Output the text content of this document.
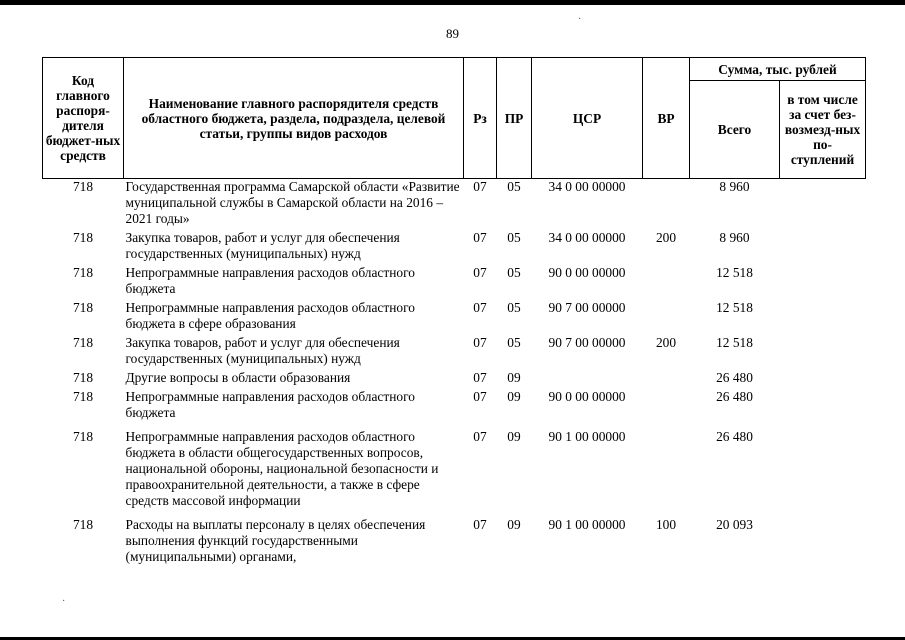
89
Код главного распоря-дителя бюджет-ных средств	Наименование главного распорядителя средств областного бюджета, раздела, подраздела, целевой статьи, группы видов расходов	Рз	ПР	ЦСР	ВР	Сумма, тыс. рублей	
						Всего	в том числе за счет без-возмезд-ных по-ступлений
718	Государственная программа Самарской области «Развитие муниципальной службы в Самарской области на 2016 – 2021 годы»	07	05	34 0 00 00000		8 960	
718	Закупка товаров, работ и услуг для обеспечения государственных (муниципальных) нужд	07	05	34 0 00 00000	200	8 960	
718	Непрограммные направления расходов областного бюджета	07	05	90 0 00 00000		12 518	
718	Непрограммные направления расходов областного бюджета в сфере образования	07	05	90 7 00 00000		12 518	
718	Закупка товаров, работ и услуг для обеспечения государственных (муниципальных) нужд	07	05	90 7 00 00000	200	12 518	
718	Другие вопросы в области образования	07	09			26 480	
718	Непрограммные направления расходов областного бюджета	07	09	90 0 00 00000		26 480	
718	Непрограммные направления расходов областного бюджета в области общегосударственных вопросов, национальной обороны, национальной безопасности и правоохранительной деятельности, а также в сфере средств массовой информации	07	09	90 1 00 00000		26 480	
718	Расходы на выплаты персоналу в целях обеспечения выполнения функций государственными (муниципальными) органами,	07	09	90 1 00 00000	100	20 093	
·
·
